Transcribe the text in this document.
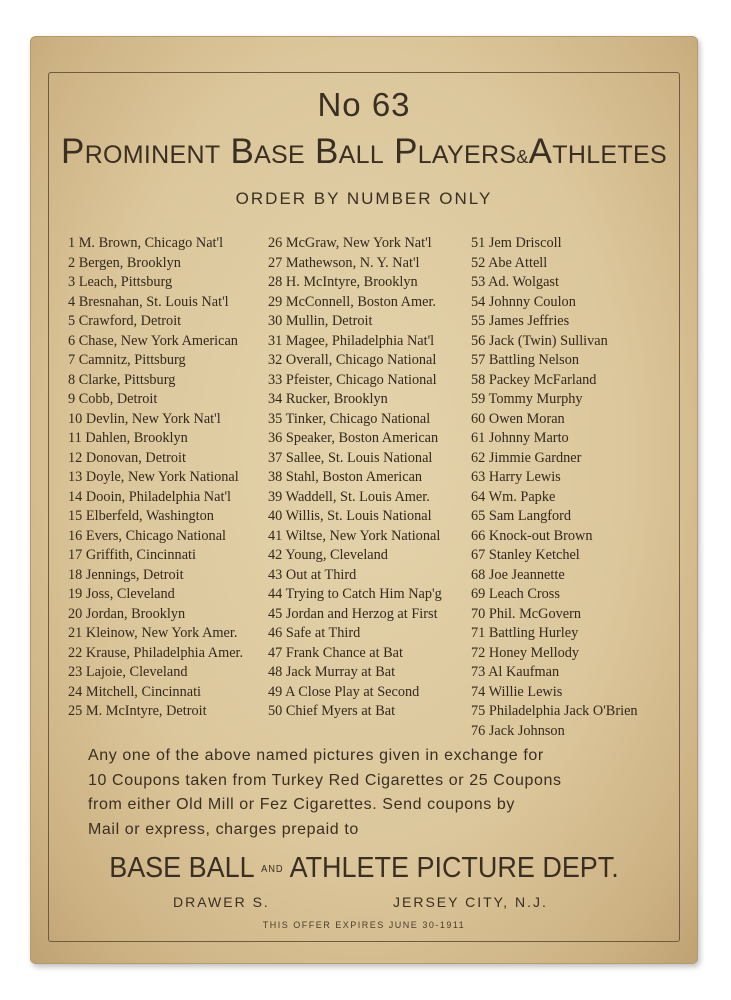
No 63
Prominent Base Ball Players&Athletes
ORDER BY NUMBER ONLY
1 M. Brown, Chicago Nat'l
2 Bergen, Brooklyn
3 Leach, Pittsburg
4 Bresnahan, St. Louis Nat'l
5 Crawford, Detroit
6 Chase, New York American
7 Camnitz, Pittsburg
8 Clarke, Pittsburg
9 Cobb, Detroit
10 Devlin, New York Nat'l
11 Dahlen, Brooklyn
12 Donovan, Detroit
13 Doyle, New York National
14 Dooin, Philadelphia Nat'l
15 Elberfeld, Washington
16 Evers, Chicago National
17 Griffith, Cincinnati
18 Jennings, Detroit
19 Joss, Cleveland
20 Jordan, Brooklyn
21 Kleinow, New York Amer.
22 Krause, Philadelphia Amer.
23 Lajoie, Cleveland
24 Mitchell, Cincinnati
25 M. McIntyre, Detroit
26 McGraw, New York Nat'l
27 Mathewson, N. Y. Nat'l
28 H. McIntyre, Brooklyn
29 McConnell, Boston Amer.
30 Mullin, Detroit
31 Magee, Philadelphia Nat'l
32 Overall, Chicago National
33 Pfeister, Chicago National
34 Rucker, Brooklyn
35 Tinker, Chicago National
36 Speaker, Boston American
37 Sallee, St. Louis National
38 Stahl, Boston American
39 Waddell, St. Louis Amer.
40 Willis, St. Louis National
41 Wiltse, New York National
42 Young, Cleveland
43 Out at Third
44 Trying to Catch Him Nap'g
45 Jordan and Herzog at First
46 Safe at Third
47 Frank Chance at Bat
48 Jack Murray at Bat
49 A Close Play at Second
50 Chief Myers at Bat
51 Jem Driscoll
52 Abe Attell
53 Ad. Wolgast
54 Johnny Coulon
55 James Jeffries
56 Jack (Twin) Sullivan
57 Battling Nelson
58 Packey McFarland
59 Tommy Murphy
60 Owen Moran
61 Johnny Marto
62 Jimmie Gardner
63 Harry Lewis
64 Wm. Papke
65 Sam Langford
66 Knock-out Brown
67 Stanley Ketchel
68 Joe Jeannette
69 Leach Cross
70 Phil. McGovern
71 Battling Hurley
72 Honey Mellody
73 Al Kaufman
74 Willie Lewis
75 Philadelphia Jack O'Brien
76 Jack Johnson
Any one of the above named pictures given in exchange for
10 Coupons taken from Turkey Red Cigarettes or 25 Coupons
from either Old Mill or Fez Cigarettes. Send coupons by
Mail or express, charges prepaid to
BASE BALL AND ATHLETE PICTURE DEPT.
DRAWER S.	JERSEY CITY, N.J.
THIS OFFER EXPIRES JUNE 30-1911
